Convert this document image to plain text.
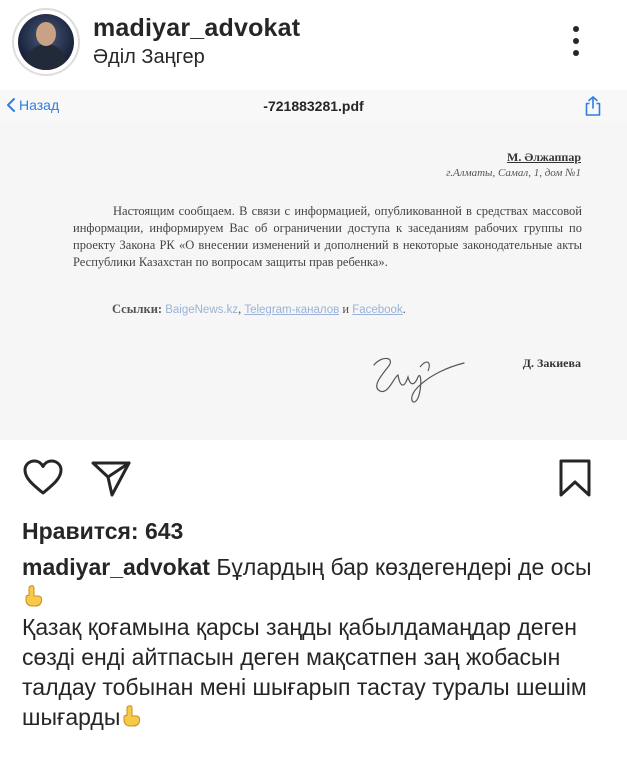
madiyar_advokat
Әділ Заңгер
Назад	-721883281.pdf
М. Әлжаппар
г.Алматы, Самал, 1, дом №1
Настоящим сообщаем. В связи с информацией, опубликованной в средствах массовой информации, информируем Вас об ограничении доступа к заседаниям рабочих группы по проекту Закона РК «О внесении изменений и дополнений в некоторые законодательные акты Республики Казахстан по вопросам защиты прав ребенка».
Ссылки: BaigeNews.kz, Telegram-каналов и Facebook.
Д. Закиева
Нравится: 643
madiyar_advokat Бұлардың бар көздегендері де осы
Қазақ қоғамына қарсы заңды қабылдамаңдар деген сөзді енді айтпасын деген мақсатпен заң жобасын талдау тобынан мені шығарып тастау туралы шешім шығарды
